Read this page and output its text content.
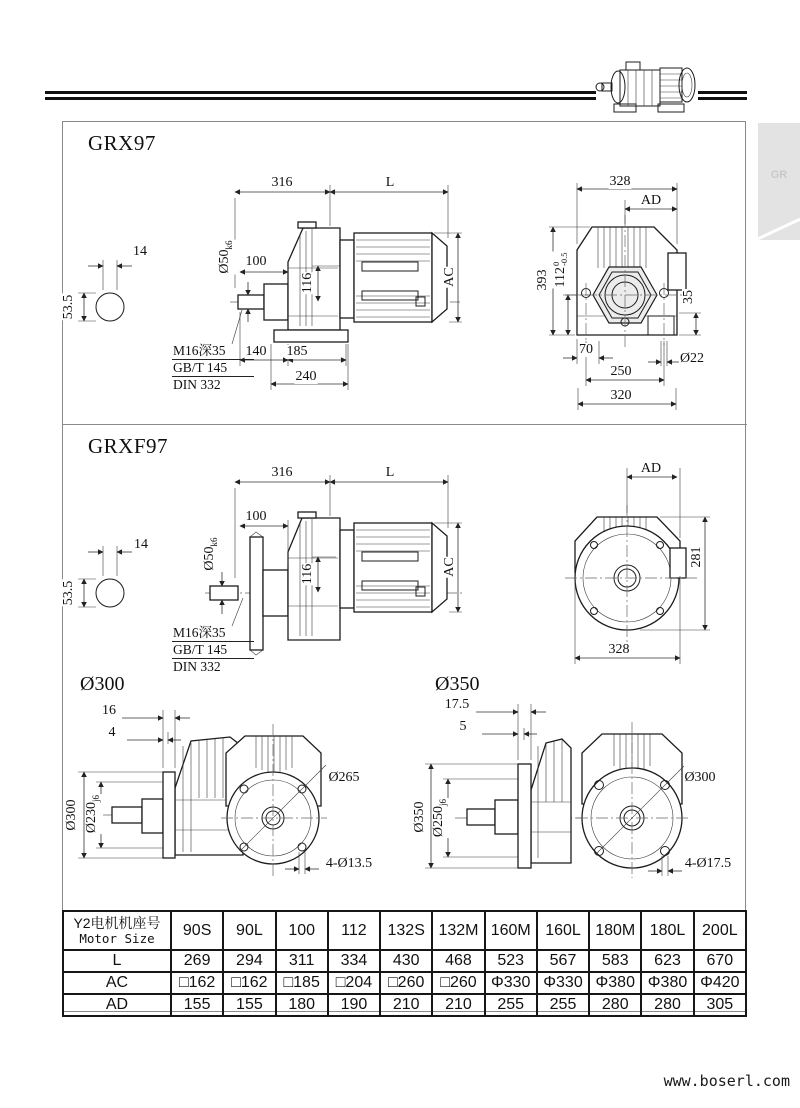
GR
GRX97
GRXF97
Ø300	Ø350
316	L
100
$Ø50_{k6}$
14
53.5
116	AC
140 185
240
M16深35
GB/T 145
DIN 332
328
AD
393 112
0
-0.5
35
70
Ø22
250
320
316	L
100
$Ø50_{k6}$
14
53.5
116	AC
M16深35
GB/T 145
DIN 332
AD
281
328
16
4
Ø300 $Ø230_{j6}$
Ø265
4-Ø13.5
17.5
5
Ø350 $Ø250_{j6}$
Ø300
4-Ø17.5
Y2电机机座号
Motor Size	90S	90L	100	112	132S	132M	160M	160L	180M	180L	200L
L	269	294	311	334	430	468	523	567	583	623	670
AC	□162	□162	□185	□204	□260	□260	Φ330	Φ330	Φ380	Φ380	Φ420
AD	155	155	180	190	210	210	255	255	280	280	305
www.boserl.com
